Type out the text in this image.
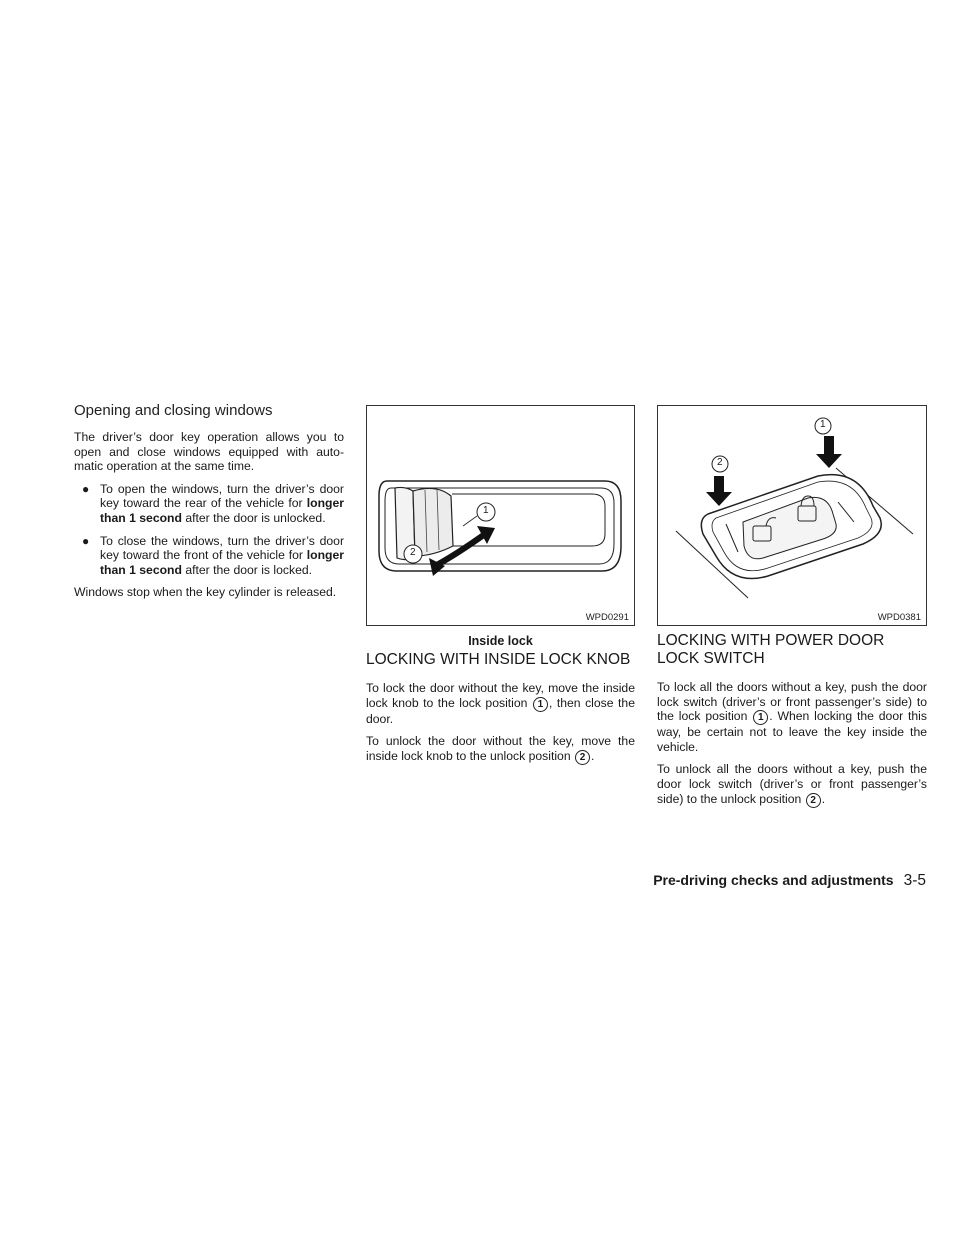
Opening and closing windows

The driver’s door key operation allows you to open and close windows equipped with auto-matic operation at the same time.

● To open the windows, turn the driver’s door key toward the rear of the vehicle for longer than 1 second after the door is unlocked.
● To close the windows, turn the driver’s door key toward the front of the vehicle for longer than 1 second after the door is locked.

Windows stop when the key cylinder is released.

1
2
WPD0291
Inside lock
LOCKING WITH INSIDE LOCK KNOB

To lock the door without the key, move the inside lock knob to the lock position 1 , then close the door.

To unlock the door without the key, move the inside lock knob to the unlock position 2 .

1
2
WPD0381
LOCKING WITH POWER DOOR LOCK SWITCH

To lock all the doors without a key, push the door lock switch (driver’s or front passenger’s side) to the lock position 1 . When locking the door this way, be certain not to leave the key inside the vehicle.

To unlock all the doors without a key, push the door lock switch (driver’s or front passenger’s side) to the unlock position 2 .

Pre-driving checks and adjustments 3-5
